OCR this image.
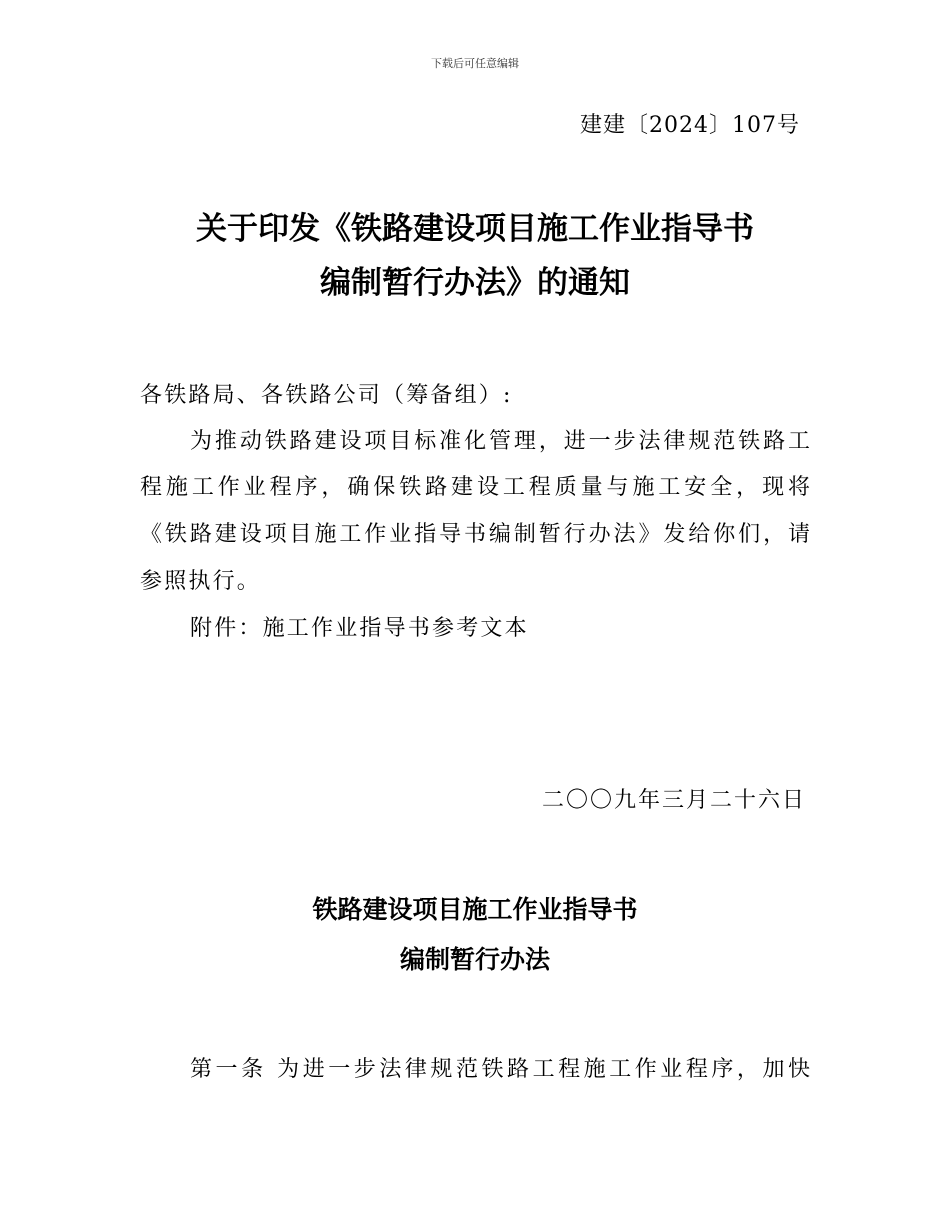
下载后可任意编辑
建建〔2024〕107号
关于印发《铁路建设项目施工作业指导书
编制暂行办法》的通知
各铁路局、各铁路公司（筹备组）:
为推动铁路建设项目标准化管理，进一步法律规范铁路工
程施工作业程序，确保铁路建设工程质量与施工安全，现将
《铁路建设项目施工作业指导书编制暂行办法》发给你们，请
参照执行。
附件：施工作业指导书参考文本
二〇〇九年三月二十六日
铁路建设项目施工作业指导书
编制暂行办法
第一条 为进一步法律规范铁路工程施工作业程序，加快
